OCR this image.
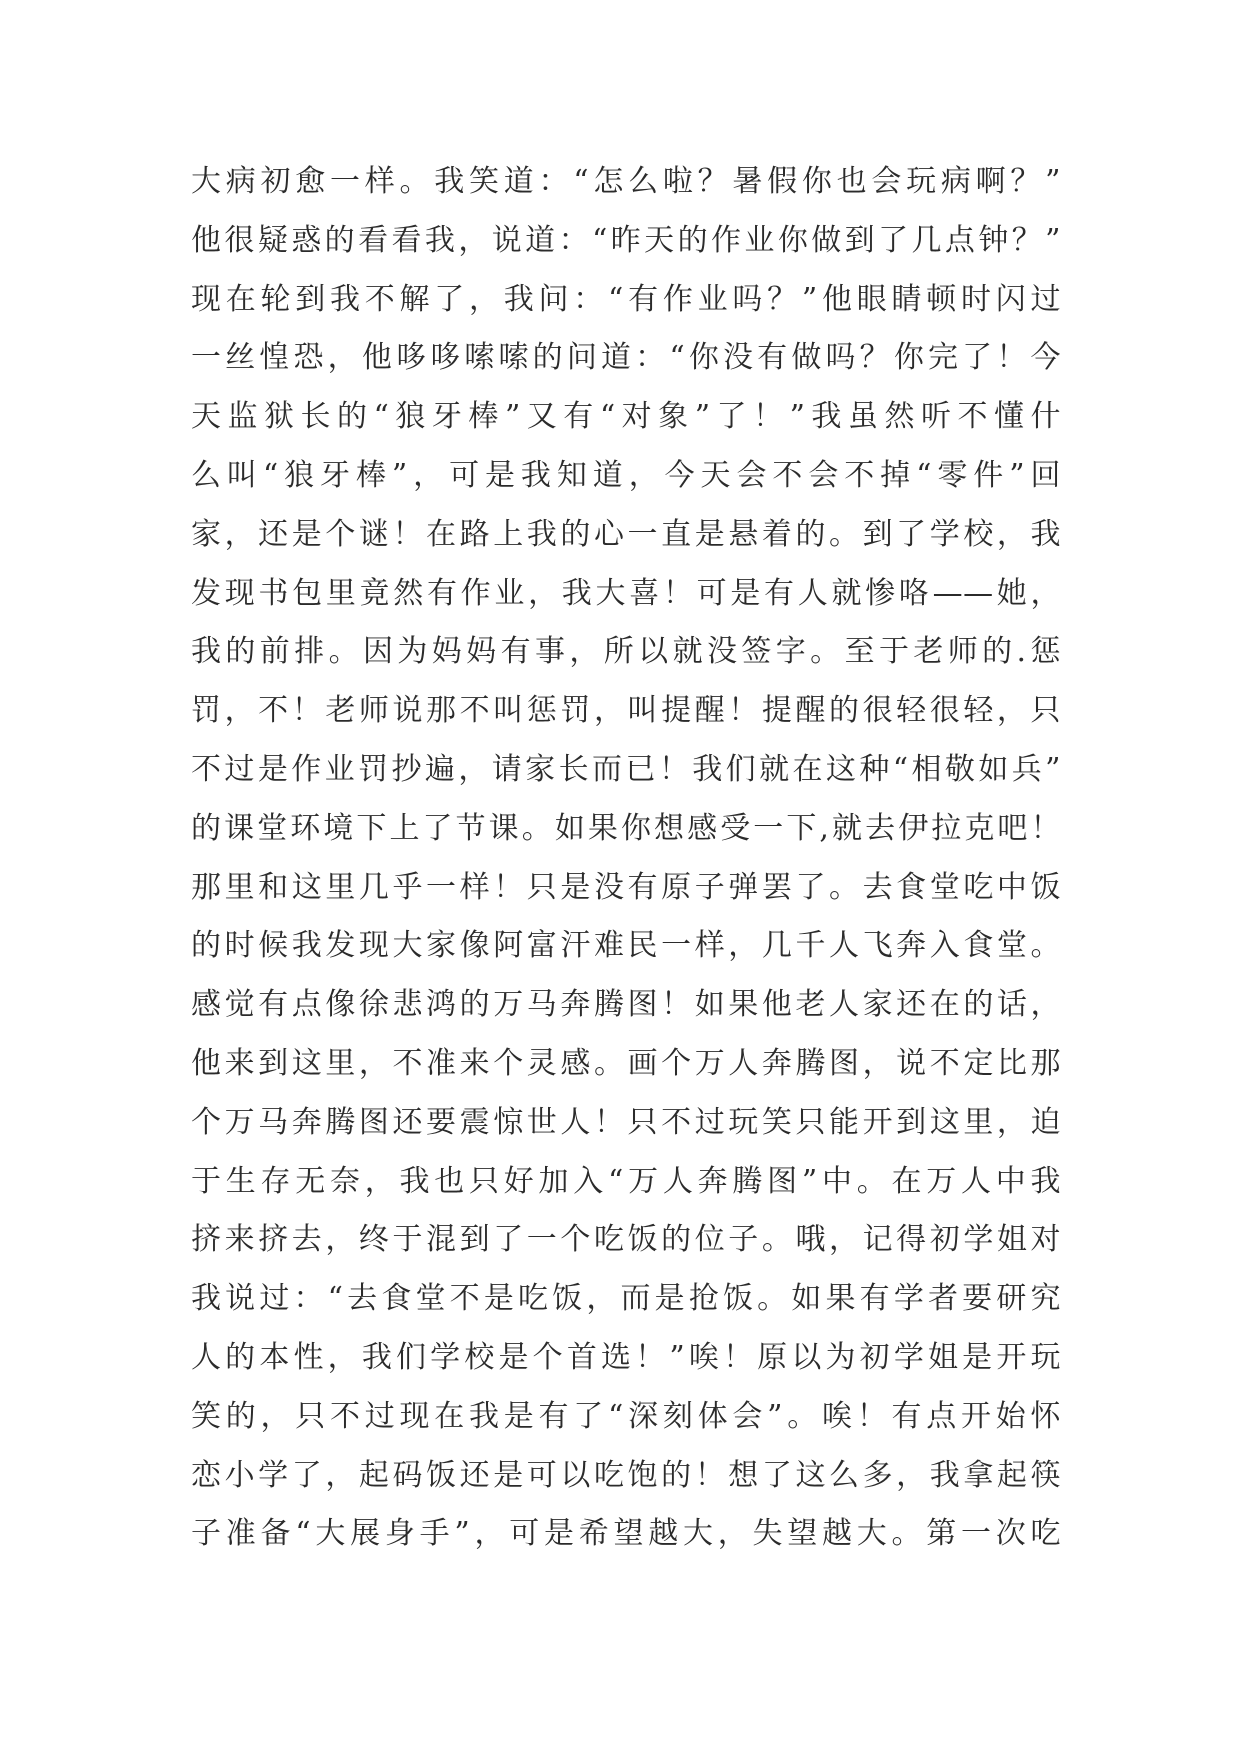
大病初愈一样。我笑道：“怎么啦？暑假你也会玩病啊？”
他很疑惑的看看我，说道：“昨天的作业你做到了几点钟？”
现在轮到我不解了，我问：“有作业吗？”他眼睛顿时闪过
一丝惶恐，他哆哆嗦嗦的问道：“你没有做吗？你完了！今
天监狱长的“狼牙棒”又有“对象”了！”我虽然听不懂什
么叫“狼牙棒”，可是我知道，今天会不会不掉“零件”回
家，还是个谜！在路上我的心一直是悬着的。到了学校，我
发现书包里竟然有作业，我大喜！可是有人就惨咯——她，
我的前排。因为妈妈有事，所以就没签字。至于老师的.惩
罚，不！老师说那不叫惩罚，叫提醒！提醒的很轻很轻，只
不过是作业罚抄遍，请家长而已！我们就在这种“相敬如兵”
的课堂环境下上了节课。如果你想感受一下,就去伊拉克吧！
那里和这里几乎一样！只是没有原子弹罢了。去食堂吃中饭
的时候我发现大家像阿富汗难民一样，几千人飞奔入食堂。
感觉有点像徐悲鸿的万马奔腾图！如果他老人家还在的话，
他来到这里，不准来个灵感。画个万人奔腾图，说不定比那
个万马奔腾图还要震惊世人！只不过玩笑只能开到这里，迫
于生存无奈，我也只好加入“万人奔腾图”中。在万人中我
挤来挤去，终于混到了一个吃饭的位子。哦，记得初学姐对
我说过：“去食堂不是吃饭，而是抢饭。如果有学者要研究
人的本性，我们学校是个首选！”唉！原以为初学姐是开玩
笑的，只不过现在我是有了“深刻体会”。唉！有点开始怀
恋小学了，起码饭还是可以吃饱的！想了这么多，我拿起筷
子准备“大展身手”，可是希望越大，失望越大。第一次吃
